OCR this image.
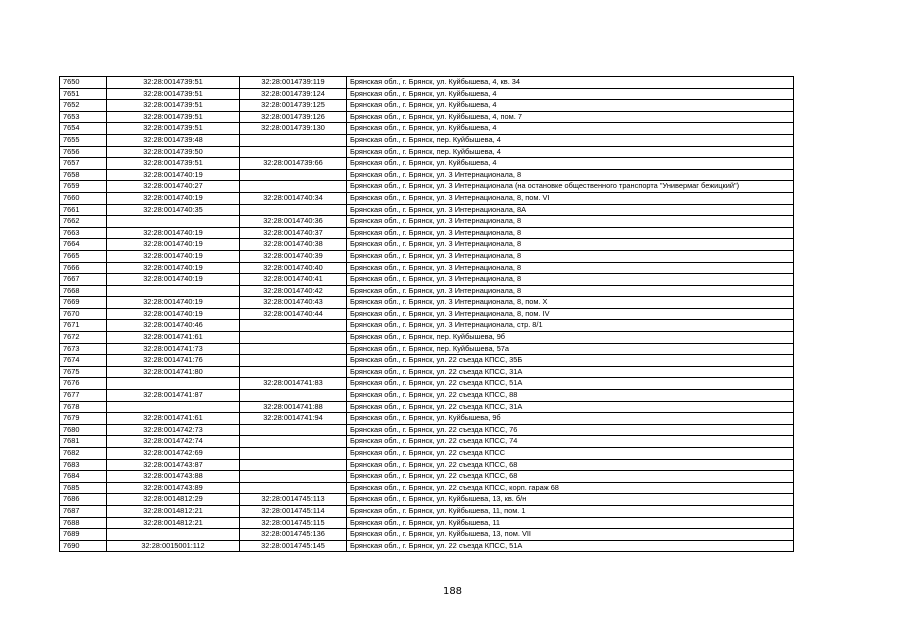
7650	32:28:0014739:51	32:28:0014739:119	Брянская обл., г. Брянск, ул. Куйбышева, 4, кв. 34
7651	32:28:0014739:51	32:28:0014739:124	Брянская обл., г. Брянск, ул. Куйбышева, 4
7652	32:28:0014739:51	32:28:0014739:125	Брянская обл., г. Брянск, ул. Куйбышева, 4
7653	32:28:0014739:51	32:28:0014739:126	Брянская обл., г. Брянск, ул. Куйбышева, 4, пом. 7
7654	32:28:0014739:51	32:28:0014739:130	Брянская обл., г. Брянск, ул. Куйбышева, 4
7655	32:28:0014739:48		Брянская обл., г. Брянск, пер. Куйбышева, 4
7656	32:28:0014739:50		Брянская обл., г. Брянск, пер. Куйбышева, 4
7657	32:28:0014739:51	32:28:0014739:66	Брянская обл., г. Брянск, ул. Куйбышева, 4
7658	32:28:0014740:19		Брянская обл., г. Брянск, ул. 3 Интернационала, 8
7659	32:28:0014740:27		Брянская обл., г. Брянск, ул. 3 Интернационала (на остановке общественного транспорта "Универмаг бежицкий")
7660	32:28:0014740:19	32:28:0014740:34	Брянская обл., г. Брянск, ул. 3 Интернационала, 8, пом. VI
7661	32:28:0014740:35		Брянская обл., г. Брянск, ул. 3 Интернационала, 8А
7662		32:28:0014740:36	Брянская обл., г. Брянск, ул. 3 Интернационала, 8
7663	32:28:0014740:19	32:28:0014740:37	Брянская обл., г. Брянск, ул. 3 Интернационала, 8
7664	32:28:0014740:19	32:28:0014740:38	Брянская обл., г. Брянск, ул. 3 Интернационала, 8
7665	32:28:0014740:19	32:28:0014740:39	Брянская обл., г. Брянск, ул. 3 Интернационала, 8
7666	32:28:0014740:19	32:28:0014740:40	Брянская обл., г. Брянск, ул. 3 Интернационала, 8
7667	32:28:0014740:19	32:28:0014740:41	Брянская обл., г. Брянск, ул. 3 Интернационала, 8
7668		32:28:0014740:42	Брянская обл., г. Брянск, ул. 3 Интернационала, 8
7669	32:28:0014740:19	32:28:0014740:43	Брянская обл., г. Брянск, ул. 3 Интернационала, 8, пом. X
7670	32:28:0014740:19	32:28:0014740:44	Брянская обл., г. Брянск, ул. 3 Интернационала, 8, пом. IV
7671	32:28:0014740:46		Брянская обл., г. Брянск, ул. 3 Интернационала, стр. 8/1
7672	32:28:0014741:61		Брянская обл., г. Брянск, пер. Куйбышева, 9б
7673	32:28:0014741:73		Брянская обл., г. Брянск, пер. Куйбышева, 57а
7674	32:28:0014741:76		Брянская обл., г. Брянск, ул. 22 съезда КПСС, 35Б
7675	32:28:0014741:80		Брянская обл., г. Брянск, ул. 22 съезда КПСС, 31А
7676		32:28:0014741:83	Брянская обл., г. Брянск, ул. 22 съезда КПСС, 51А
7677	32:28:0014741:87		Брянская обл., г. Брянск, ул. 22 съезда КПСС, 88
7678		32:28:0014741:88	Брянская обл., г. Брянск, ул. 22 съезда КПСС, 31А
7679	32:28:0014741:61	32:28:0014741:94	Брянская обл., г. Брянск, ул. Куйбышева, 9б
7680	32:28:0014742:73		Брянская обл., г. Брянск, ул. 22 съезда КПСС, 76
7681	32:28:0014742:74		Брянская обл., г. Брянск, ул. 22 съезда КПСС, 74
7682	32:28:0014742:69		Брянская обл., г. Брянск, ул. 22 съезда КПСС
7683	32:28:0014743:87		Брянская обл., г. Брянск, ул. 22 съезда КПСС, 68
7684	32:28:0014743:88		Брянская обл., г. Брянск, ул. 22 съезда КПСС, 68
7685	32:28:0014743:89		Брянская обл., г. Брянск, ул. 22 съезда КПСС, корп. гараж 68
7686	32:28:0014812:29	32:28:0014745:113	Брянская обл., г. Брянск, ул. Куйбышева, 13, кв. б/н
7687	32:28:0014812:21	32:28:0014745:114	Брянская обл., г. Брянск, ул. Куйбышева, 11, пом. 1
7688	32:28:0014812:21	32:28:0014745:115	Брянская обл., г. Брянск, ул. Куйбышева, 11
7689		32:28:0014745:136	Брянская обл., г. Брянск, ул. Куйбышева, 13, пом. VII
7690	32:28:0015001:112	32:28:0014745:145	Брянская обл., г. Брянск, ул. 22 съезда КПСС, 51А
188
